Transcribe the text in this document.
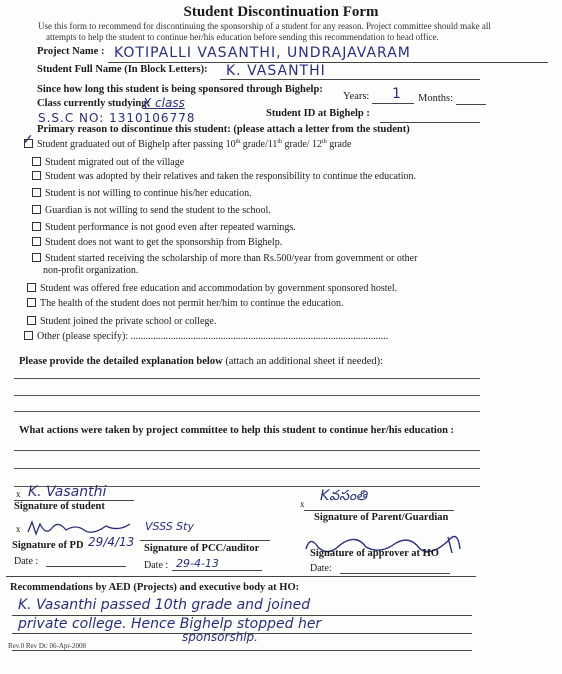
Student Discontinuation Form
Use this form to recommend for discontinuing the sponsorship of a student for any reason. Project committee should make all
attempts to help the student to continue her/his education before sending this recommendation to head office.
Project Name : KOTIPALLI VASANTHI, UNDRAJAVARAM
Student Full Name (In Block Letters): K. VASANTHI
Since how long this student is being sponsored through Bighelp:
Years: 1 Months:
Class currently studying:
X class
S.S.C NO: 1310106778	Student ID at Bighelp :
Primary reason to discontinue this student: (please attach a letter from the student)
✓ Student graduated out of Bighelp after passing 10th grade/11th grade/ 12th grade
Student migrated out of the village
Student was adopted by their relatives and taken the responsibility to continue the education.
Student is not willing to continue his/her education.
Guardian is not willing to send the student to the school.
Student performance is not good even after repeated warnings.
Student does not want to get the sponsorship from Bighelp.
Student started receiving the scholarship of more than Rs.500/year from government or other
non-profit organization.
Student was offered free education and accommodation by government sponsored hostel.
The health of the student does not permit her/him to continue the education.
Student joined the private school or college.
Other (please specify): .......................................................................................................
Please provide the detailed explanation below (attach an additional sheet if needed):
What actions were taken by project committee to help this student to continue her/his education :
x K. Vasanthi
Signature of student	x Kవసంతి
Signature of Parent/Guardian
x
Signature of PD 29/4/13
Date :
VSSS Sty
Signature of PCC/auditor
Date : 29-4-13
Signature of approver at HO
Date:
Recommendations by AED (Projects) and executive body at HO:
K. Vasanthi passed 10th grade and joined
private college. Hence Bighelp stopped her
sponsorship.
Rev.0 Rev Dt: 06-Apr-2008
